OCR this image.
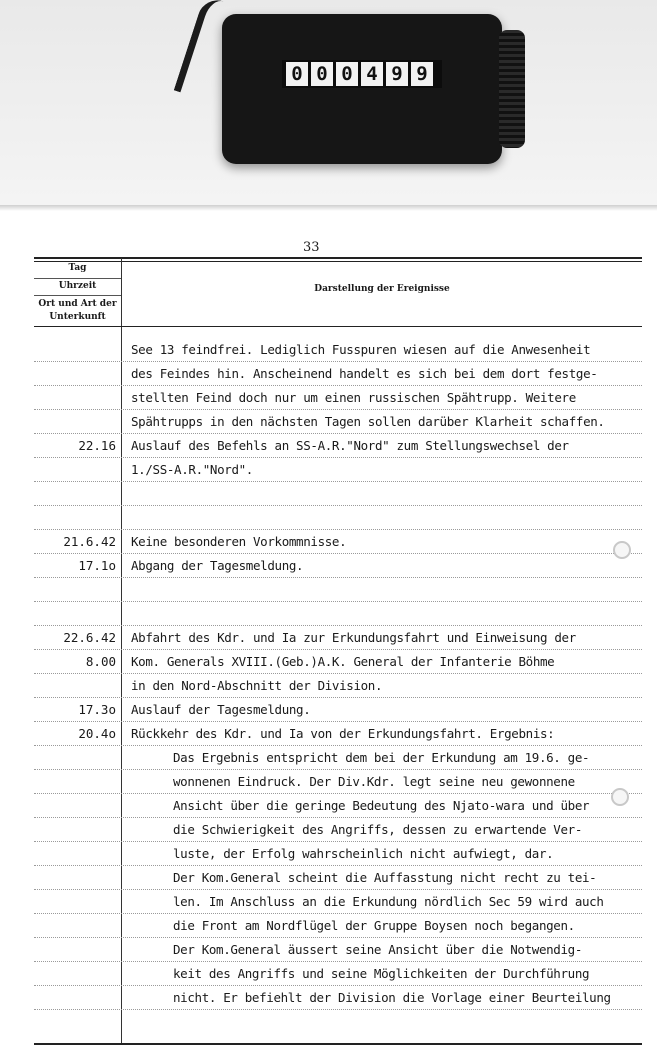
0 0 0 4 9 9
33
Tag
Uhrzeit
Ort und Art der Unterkunft
Darstellung der Ereignisse
See 13 feindfrei. Lediglich Fusspuren wiesen auf die Anwesenheit
des Feindes hin. Anscheinend handelt es sich bei dem dort festge-
stellten Feind doch nur um einen russischen Spähtrupp. Weitere
Spähtrupps in den nächsten Tagen sollen darüber Klarheit schaffen.
22.16 Auslauf des Befehls an SS-A.R."Nord" zum Stellungswechsel der
1./SS-A.R."Nord".
21.6.42 Keine besonderen Vorkommnisse.
17.1o Abgang der Tagesmeldung.
22.6.42 Abfahrt des Kdr. und Ia zur Erkundungsfahrt und Einweisung der
8.00 Kom. Generals XVIII.(Geb.)A.K. General der Infanterie Böhme
in den Nord-Abschnitt der Division.
17.3o Auslauf der Tagesmeldung.
20.4o Rückkehr des Kdr. und Ia von der Erkundungsfahrt. Ergebnis:
Das Ergebnis entspricht dem bei der Erkundung am 19.6. ge-
wonnenen Eindruck. Der Div.Kdr. legt seine neu gewonnene
Ansicht über die geringe Bedeutung des Njato-wara und über
die Schwierigkeit des Angriffs, dessen zu erwartende Ver-
luste, der Erfolg wahrscheinlich nicht aufwiegt, dar.
Der Kom.General scheint die Auffasstung nicht recht zu tei-
len. Im Anschluss an die Erkundung nördlich Sec 59 wird auch
die Front am Nordflügel der Gruppe Boysen noch begangen.
Der Kom.General äussert seine Ansicht über die Notwendig-
keit des Angriffs und seine Möglichkeiten der Durchführung
nicht. Er befiehlt der Division die Vorlage einer Beurteilung
